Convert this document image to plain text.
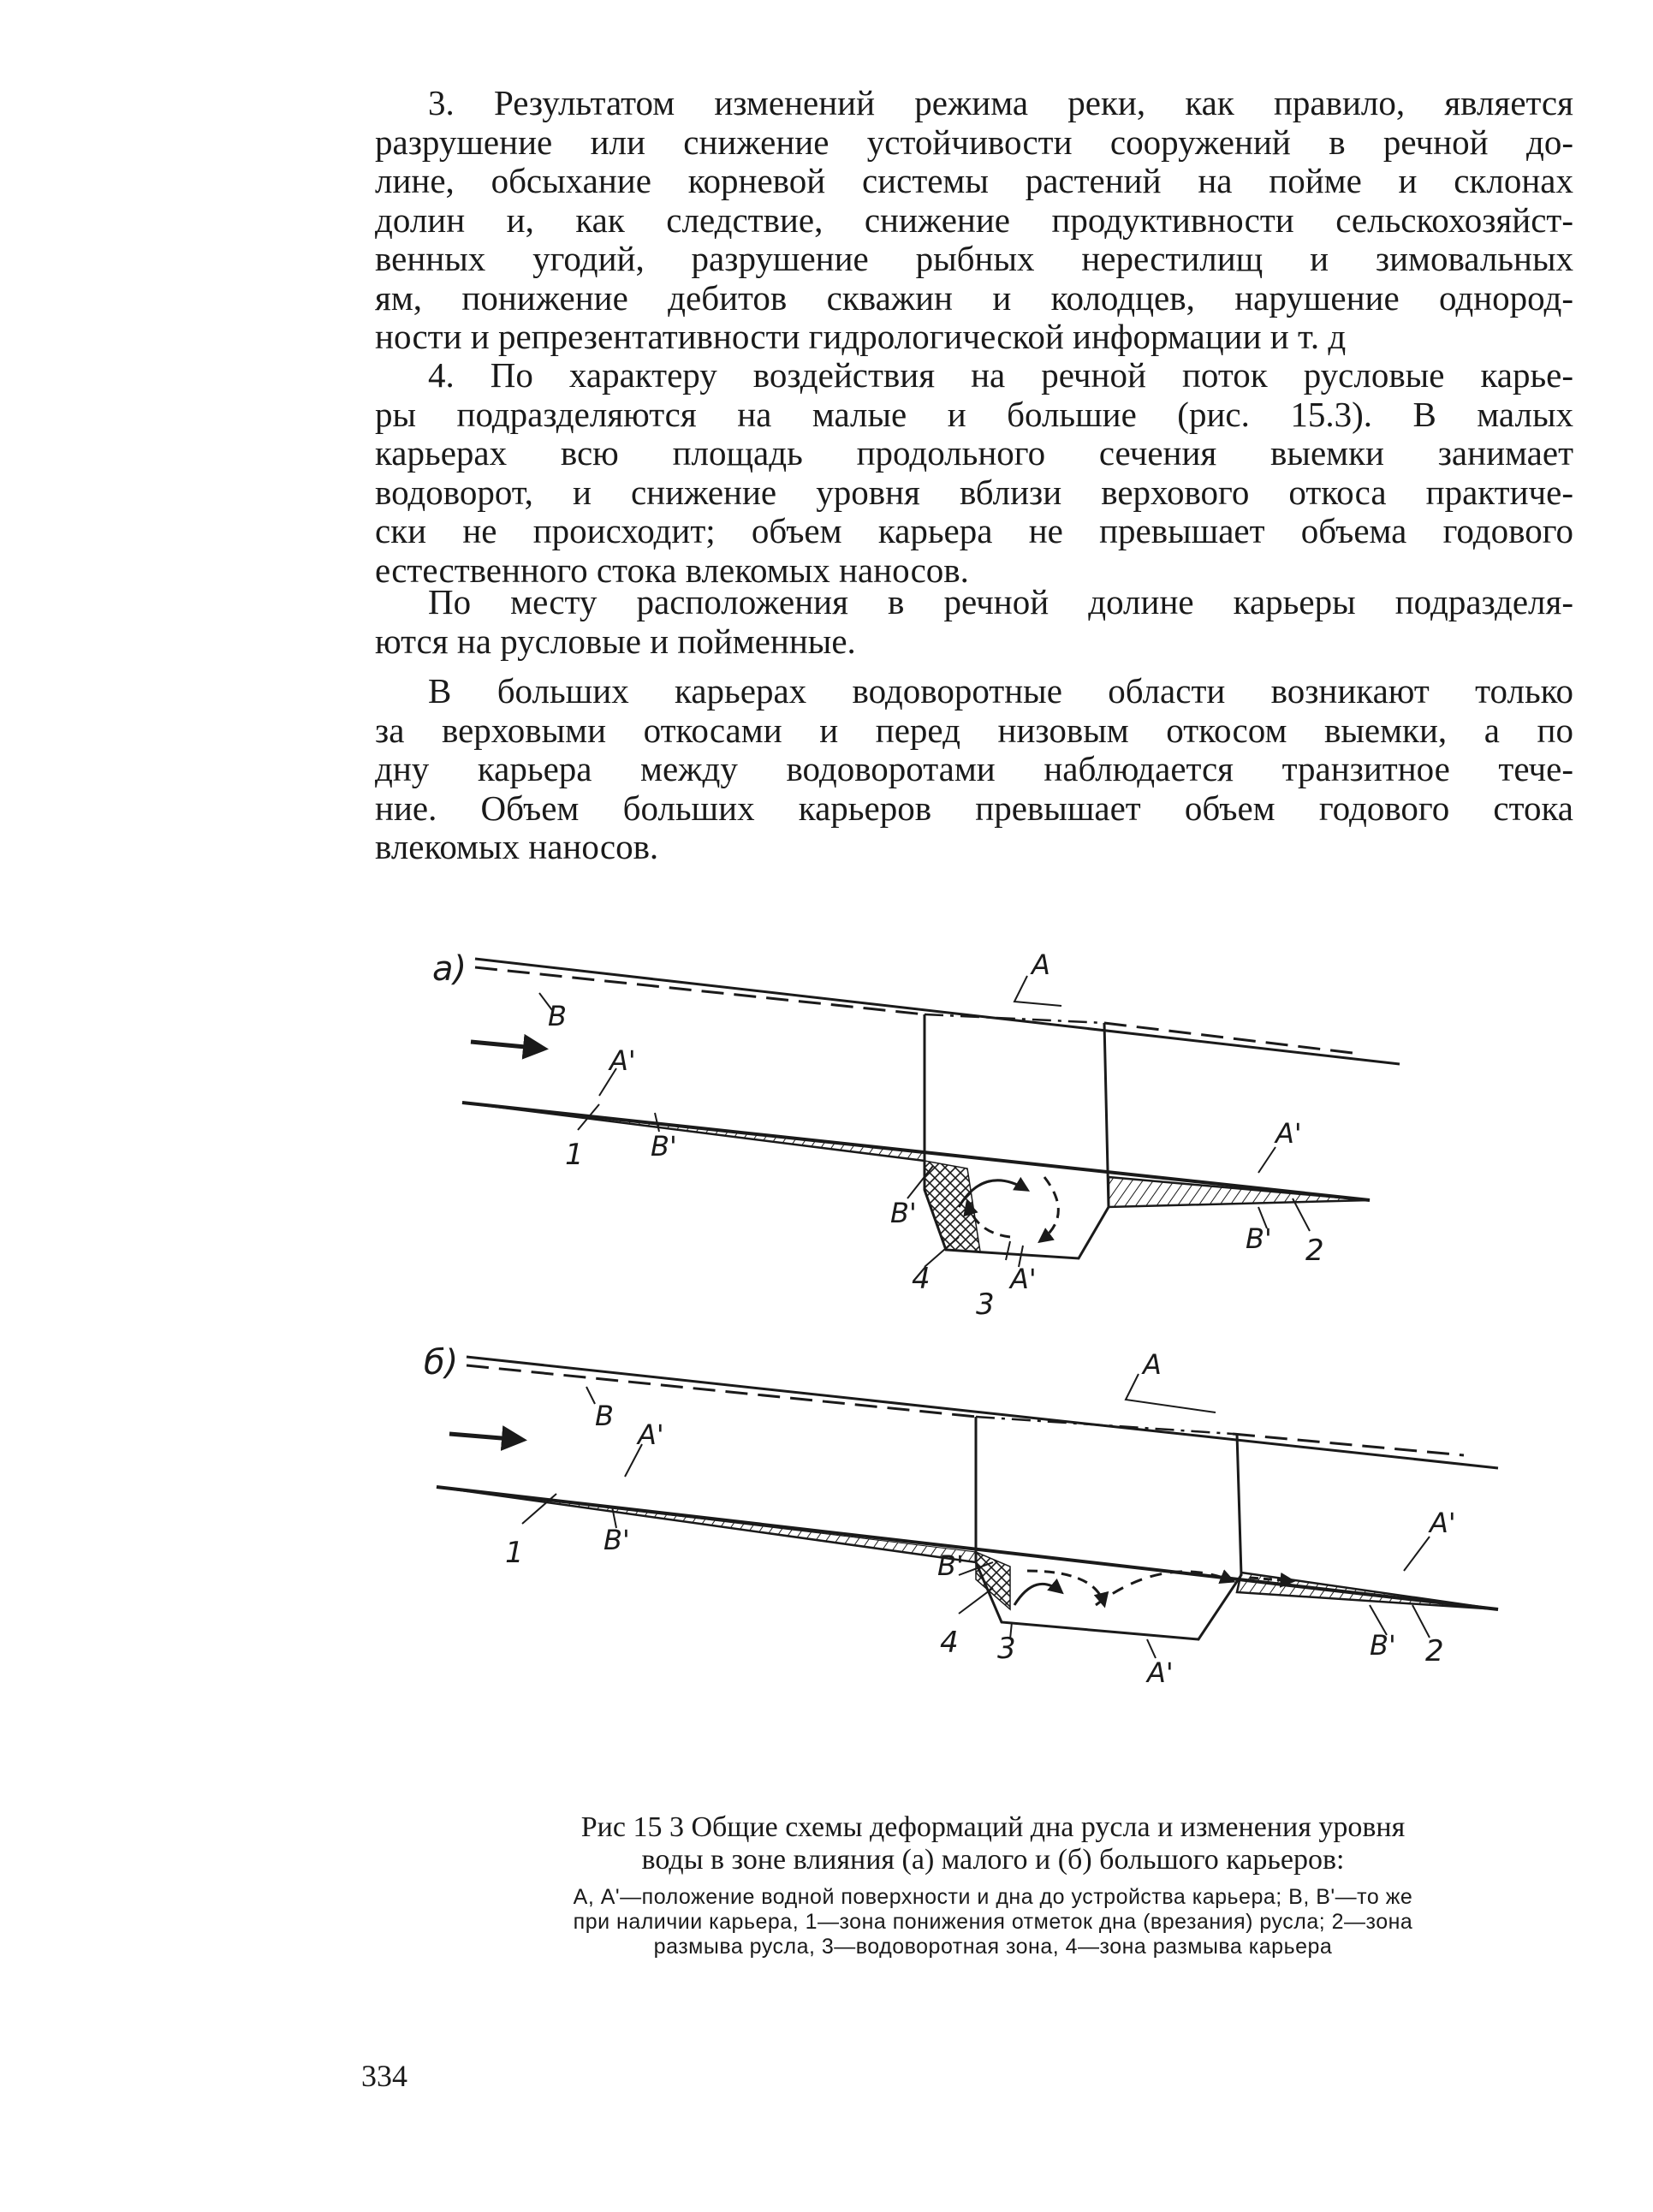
3. Результатом изменений режима реки, как правило, является
разрушение или снижение устойчивости сооружений в речной до-
лине, обсыхание корневой системы растений на пойме и склонах
долин и, как следствие, снижение продуктивности сельскохозяйст-
венных угодий, разрушение рыбных нерестилищ и зимовальных
ям, понижение дебитов скважин и колодцев, нарушение однород-
ности и репрезентативности гидрологической информации и т. д

4. По характеру воздействия на речной поток русловые карье-
ры подразделяются на малые и большие (рис. 15.3). В малых
карьерах всю площадь продольного сечения выемки занимает
водоворот, и снижение уровня вблизи верхового откоса практиче-
ски не происходит; объем карьера не превышает объема годового
естественного стока влекомых наносов.

По месту расположения в речной долине карьеры подразделя-
ются на русловые и пойменные.

В больших карьерах водоворотные области возникают только
за верховыми откосами и перед низовым откосом выемки, а по
дну карьера между водоворотами наблюдается транзитное тече-
ние. Объем больших карьеров превышает объем годового стока
влекомых наносов.

а)	A
B
A'
B'
B'
A'
B'
A'
1
2
3
4
б)	A
B
A'
B'
B'
A'
B'
A'
1
2
3
4

Рис 15 3 Общие схемы деформаций дна русла и изменения уровня
воды в зоне влияния (а) малого и (б) большого карьеров:

А, А'—положение водной поверхности и дна до устройства карьера; В, В'—то же
при наличии карьера, 1—зона понижения отметок дна (врезания) русла; 2—зона
размыва русла, 3—водоворотная зона, 4—зона размыва карьера

334
